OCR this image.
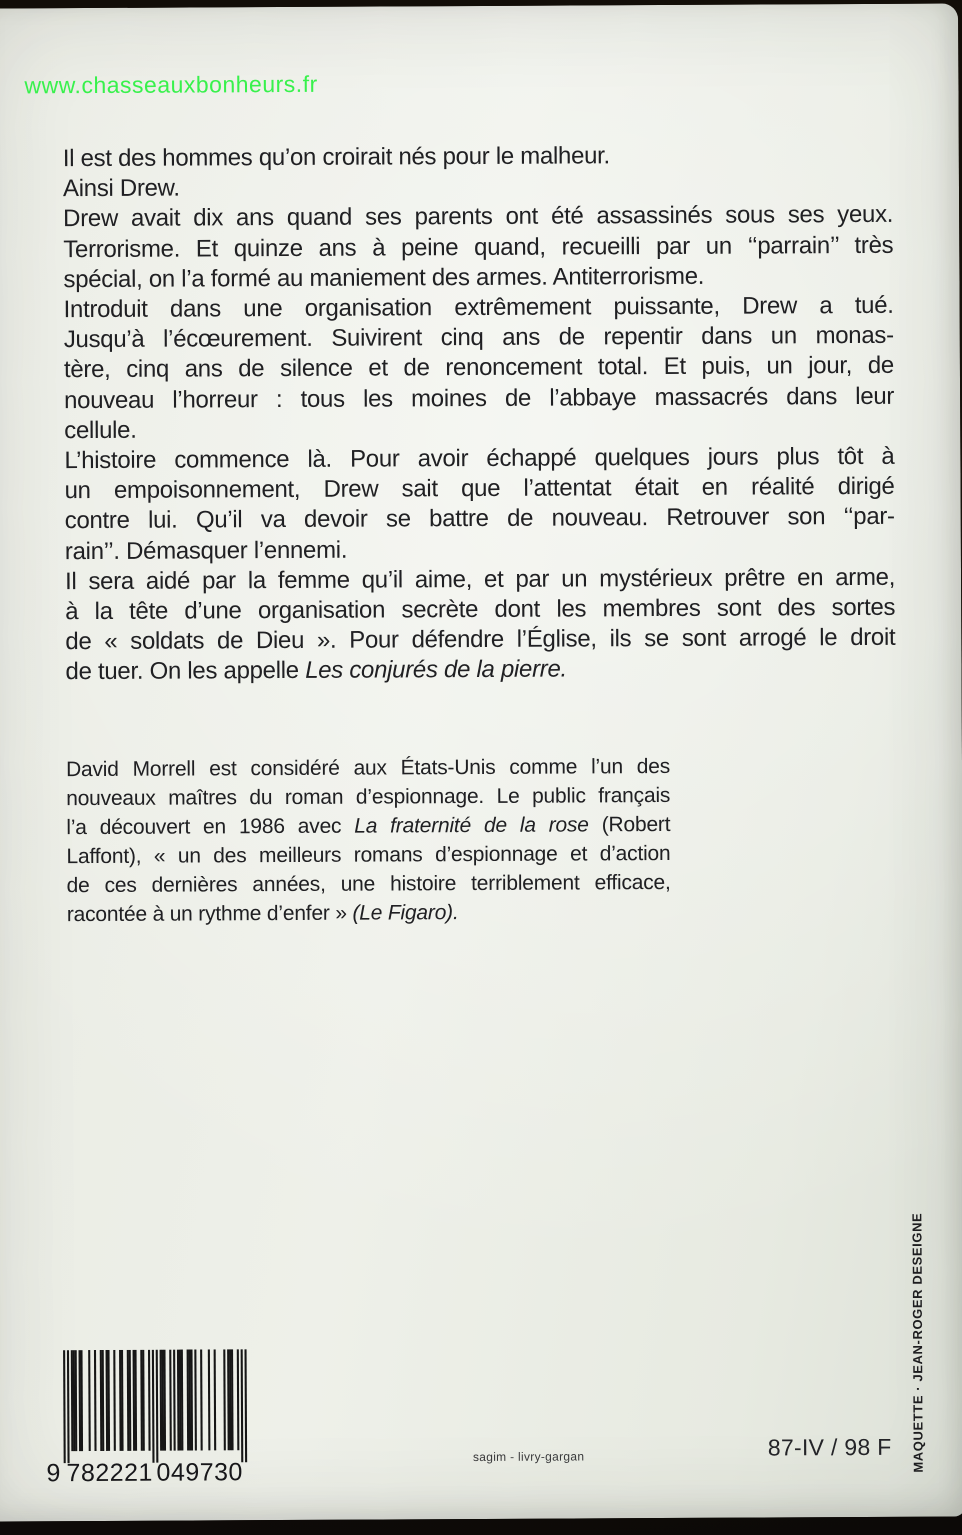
www.chasseauxbonheurs.fr
Il est des hommes qu’on croirait nés pour le malheur.
Ainsi Drew.
Drew avait dix ans quand ses parents ont été assassinés sous ses yeux.
Terrorisme. Et quinze ans à peine quand, recueilli par un ‘‘parrain’’ très
spécial, on l’a formé au maniement des armes. Antiterrorisme.
Introduit dans une organisation extrêmement puissante, Drew a tué.
Jusqu’à l’écœurement. Suivirent cinq ans de repentir dans un monas-
tère, cinq ans de silence et de renoncement total. Et puis, un jour, de
nouveau l’horreur : tous les moines de l’abbaye massacrés dans leur
cellule.
L’histoire commence là. Pour avoir échappé quelques jours plus tôt à
un empoisonnement, Drew sait que l’attentat était en réalité dirigé
contre lui. Qu’il va devoir se battre de nouveau. Retrouver son ‘‘par-
rain’’. Démasquer l’ennemi.
Il sera aidé par la femme qu’il aime, et par un mystérieux prêtre en arme,
à la tête d’une organisation secrète dont les membres sont des sortes
de « soldats de Dieu ». Pour défendre l’Église, ils se sont arrogé le droit
de tuer. On les appelle Les conjurés de la pierre.
David Morrell est considéré aux États-Unis comme l’un des
nouveaux maîtres du roman d’espionnage. Le public français
l’a découvert en 1986 avec La fraternité de la rose (Robert
Laffont), « un des meilleurs romans d’espionnage et d’action
de ces dernières années, une histoire terriblement efficace,
racontée à un rythme d’enfer » (Le Figaro).
9 782221 049730
sagim - livry-gargan	87-IV / 98 F MAQUETTE · JEAN-ROGER DESEIGNE
